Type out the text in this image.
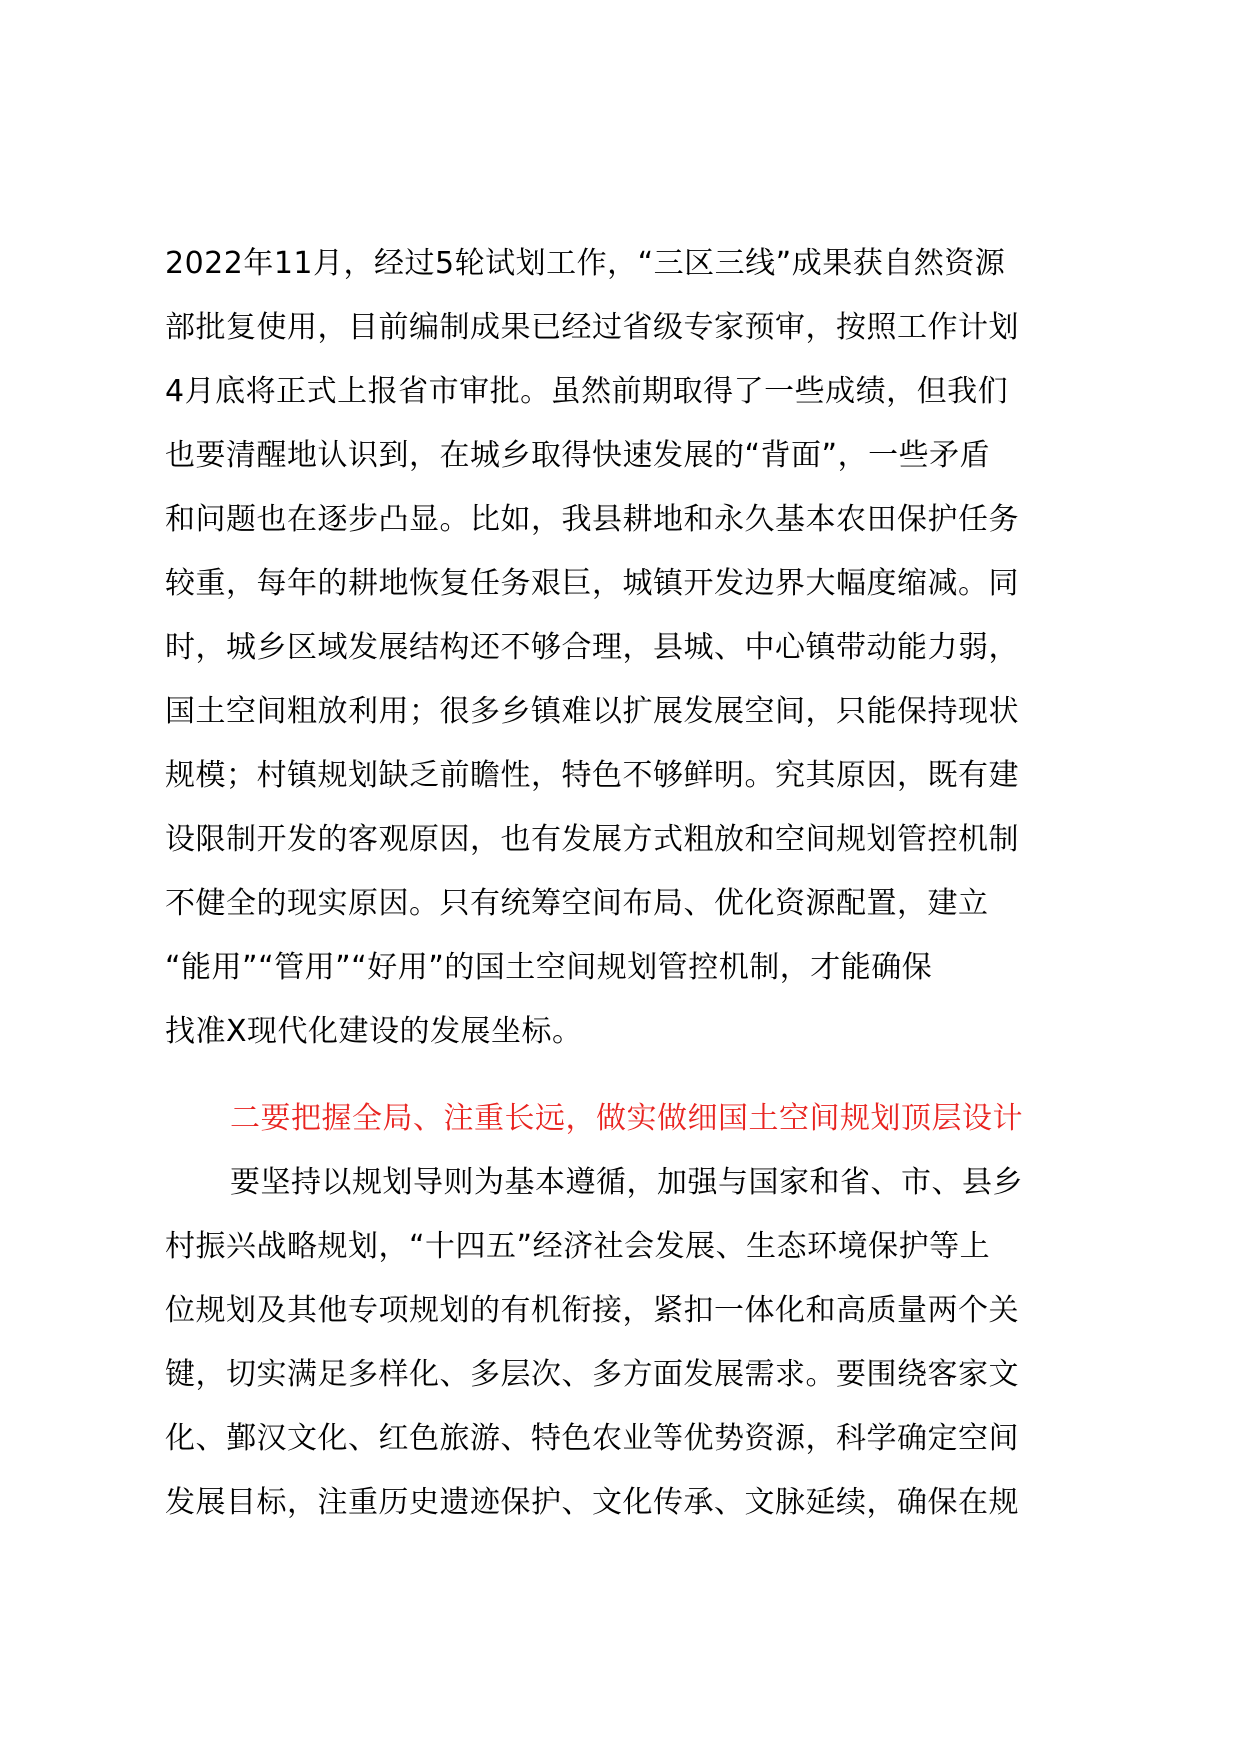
2022年11月，经过5轮试划工作，“三区三线”成果获自然资源
部批复使用，目前编制成果已经过省级专家预审，按照工作计划
4月底将正式上报省市审批。虽然前期取得了一些成绩，但我们
也要清醒地认识到，在城乡取得快速发展的“背面”，一些矛盾
和问题也在逐步凸显。比如，我县耕地和永久基本农田保护任务
较重，每年的耕地恢复任务艰巨，城镇开发边界大幅度缩减。同
时，城乡区域发展结构还不够合理，县城、中心镇带动能力弱，
国土空间粗放利用；很多乡镇难以扩展发展空间，只能保持现状
规模；村镇规划缺乏前瞻性，特色不够鲜明。究其原因，既有建
设限制开发的客观原因，也有发展方式粗放和空间规划管控机制
不健全的现实原因。只有统筹空间布局、优化资源配置，建立
“能用”“管用”“好用”的国土空间规划管控机制，才能确保
找准X现代化建设的发展坐标。
二要把握全局、注重长远，做实做细国土空间规划顶层设计
要坚持以规划导则为基本遵循，加强与国家和省、市、县乡
村振兴战略规划，“十四五”经济社会发展、生态环境保护等上
位规划及其他专项规划的有机衔接，紧扣一体化和高质量两个关
键，切实满足多样化、多层次、多方面发展需求。要围绕客家文
化、鄞汉文化、红色旅游、特色农业等优势资源，科学确定空间
发展目标，注重历史遗迹保护、文化传承、文脉延续，确保在规
